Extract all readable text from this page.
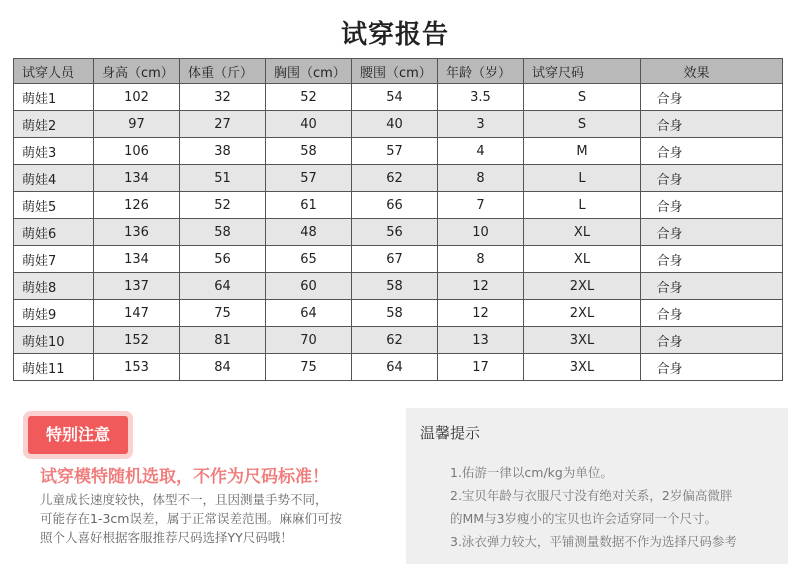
试穿报告
试穿人员	身高（cm）	体重（斤）	胸围（cm）	腰围（cm）	年龄（岁）	试穿尺码	效果
萌娃1	102	32	52	54	3.5	S	合身
萌娃2	97	27	40	40	3	S	合身
萌娃3	106	38	58	57	4	M	合身
萌娃4	134	51	57	62	8	L	合身
萌娃5	126	52	61	66	7	L	合身
萌娃6	136	58	48	56	10	XL	合身
萌娃7	134	56	65	67	8	XL	合身
萌娃8	137	64	60	58	12	2XL	合身
萌娃9	147	75	64	58	12	2XL	合身
萌娃10	152	81	70	62	13	3XL	合身
萌娃11	153	84	75	64	17	3XL	合身
特别注意
试穿模特随机选取，不作为尺码标准！
儿童成长速度较快，体型不一，且因测量手势不同，
可能存在1-3cm误差，属于正常误差范围。麻麻们可按
照个人喜好根据客服推荐尺码选择YY尺码哦！
温馨提示
1.佑游一律以cm/kg为单位。
2.宝贝年龄与衣服尺寸没有绝对关系，2岁偏高微胖
的MM与3岁瘦小的宝贝也许会适穿同一个尺寸。
3.泳衣弹力较大，平铺测量数据不作为选择尺码参考
